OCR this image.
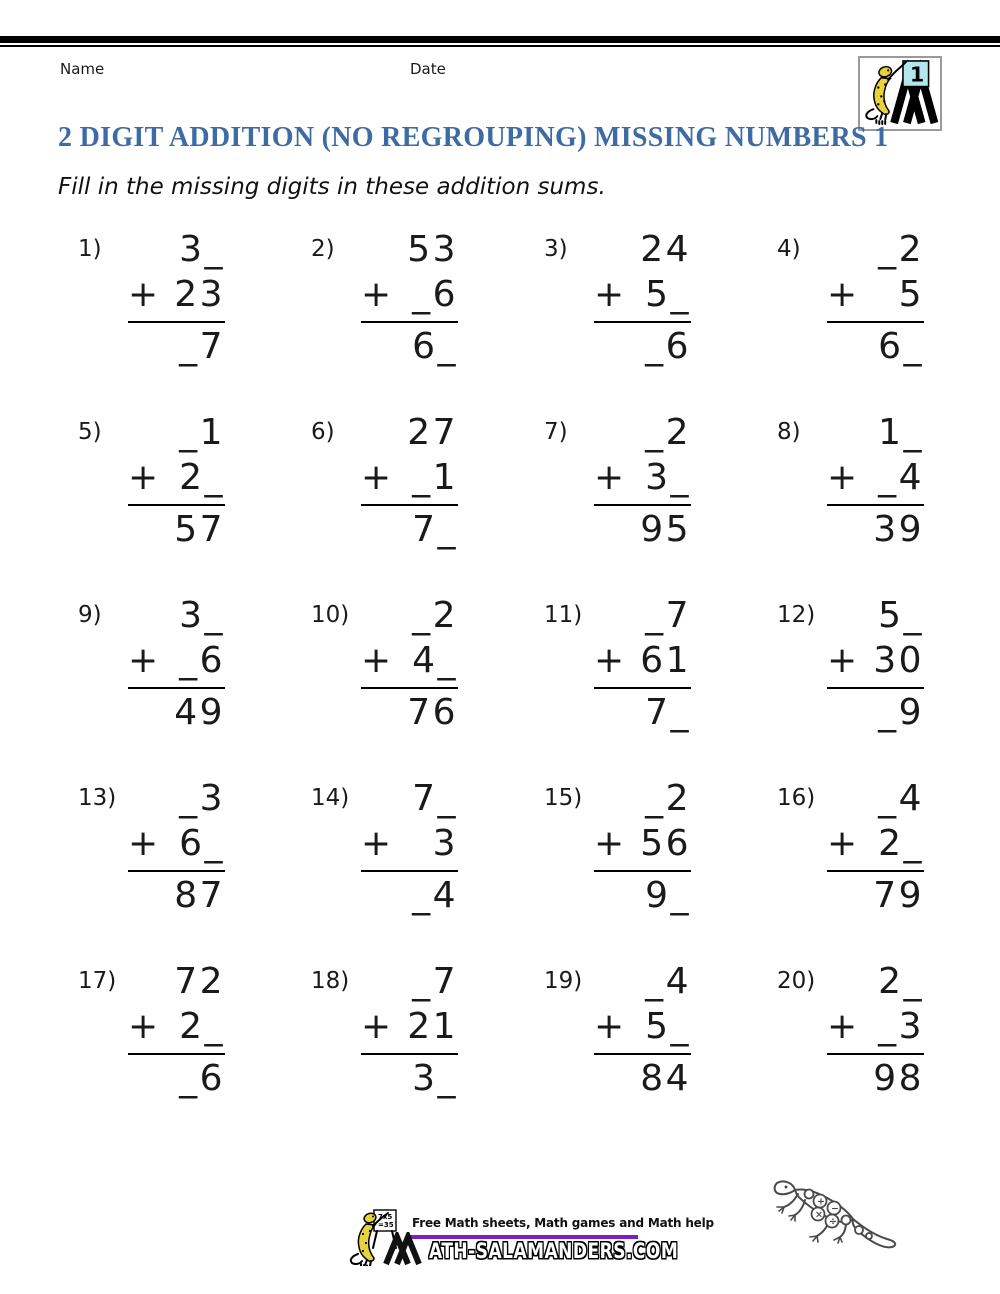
Name	Date	1
2 DIGIT ADDITION (NO REGROUPING) MISSING NUMBERS 1

Fill in the missing digits in these addition sums.

1)	3_
+ 23
_7
2)	53
+ _6
6_
3)	24
+ 5_
_6
4)	_2
+ 5
6_
5)	_1
+ 2_
57
6)	27
+ _1
7_
7)	_2
+ 3_
95
8)	1_
+ _4
39
9)	3_
+ _6
49
10)	_2
+ 4_
76
11)	_7
+ 61
7_
12)	5_
+ 30
_9
13)	_3
+ 6_
87
14)	7_
+ 3
_4
15)	_2
+ 56
9_
16)	_4
+ 2_
79
17)	72
+ 2_
_6
18)	_7
+ 21
3_
19)	_4
+ 5_
84
20)	2_
+ _3
98
7x5
=35 Free Math sheets, Math games and Math help
ATH-SALAMANDERS.COM
+
−
×
÷
